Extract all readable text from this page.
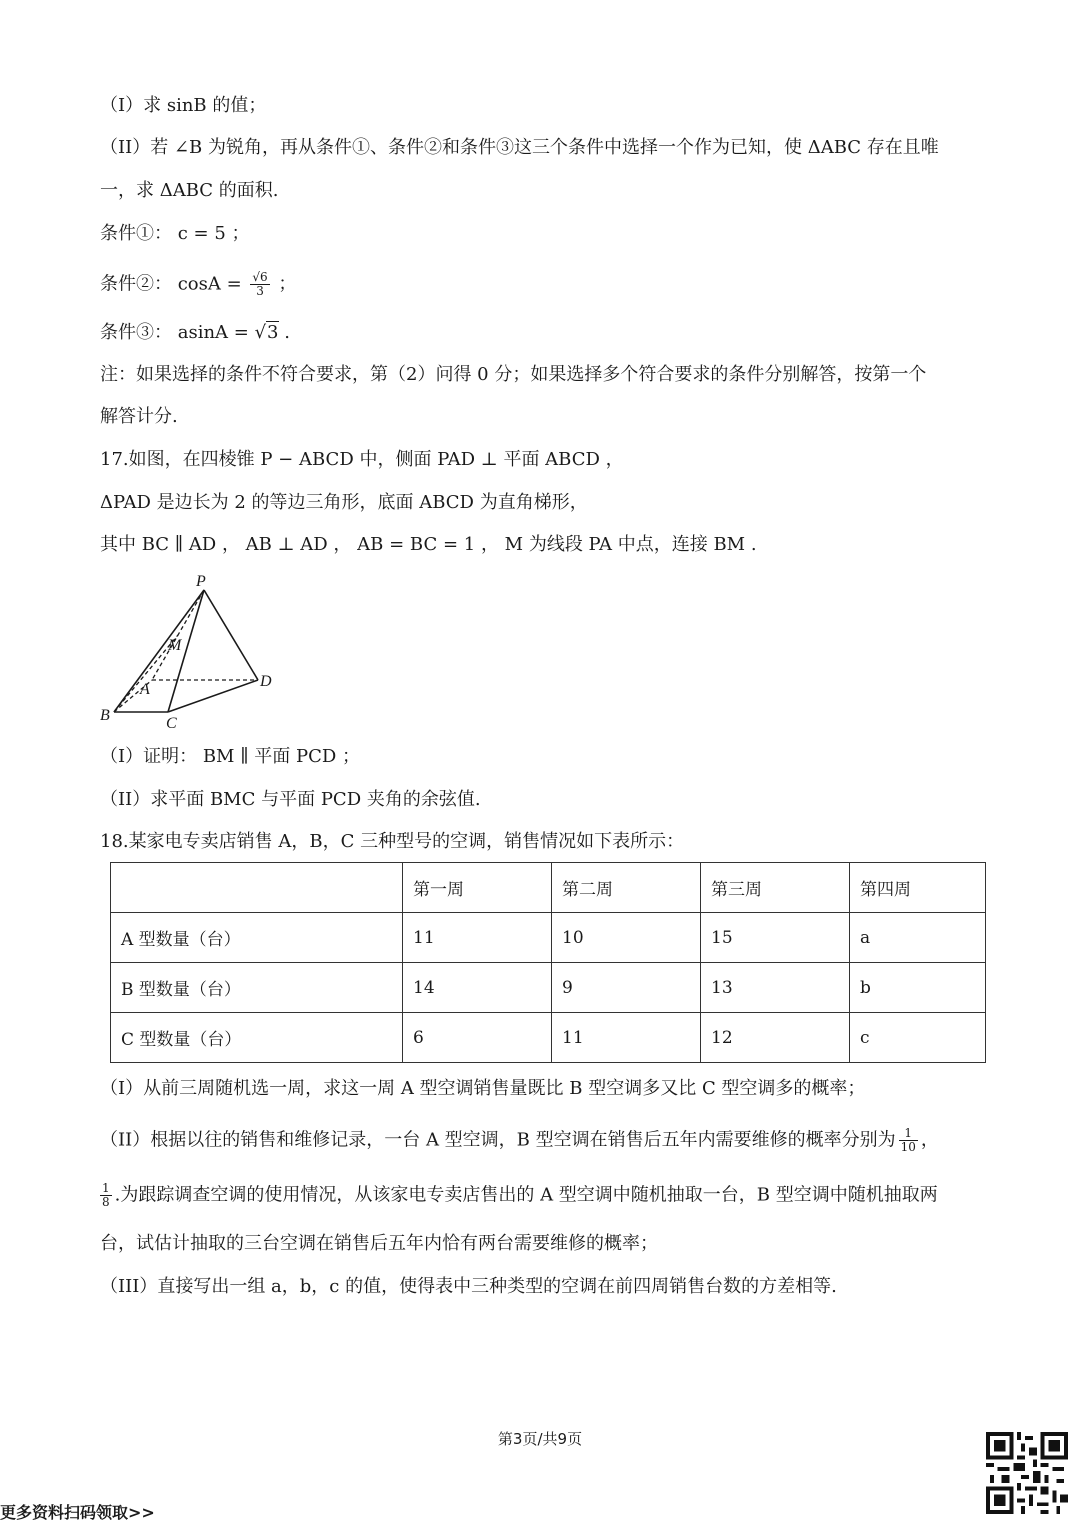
（I）求 sinB 的值；
（II）若 ∠B 为锐角，再从条件①、条件②和条件③这三个条件中选择一个作为已知，使 ΔABC 存在且唯
一，求 ΔABC 的面积.
条件①： c = 5 ；
条件②： $\cos A = \frac{√6}{3}$ ；
条件③： asinA = √3 .
注：如果选择的条件不符合要求，第（2）问得 0 分；如果选择多个符合要求的条件分别解答，按第一个
解答计分.
17.如图，在四棱锥 P − ABCD 中，侧面 PAD ⊥ 平面 ABCD ，
ΔPAD 是边长为 2 的等边三角形，底面 ABCD 为直角梯形，
其中 BC ∥ AD ， AB ⊥ AD ， AB = BC = 1 ， M 为线段 PA 中点，连接 BM .
P
M
A
B	C
D
（I）证明： BM ∥ 平面 PCD ；
（II）求平面 BMC 与平面 PCD 夹角的余弦值.
18.某家电专卖店销售 A，B，C 三种型号的空调，销售情况如下表所示：
	第一周	第二周	第三周	第四周
A 型数量（台）	11	10	15	a
B 型数量（台）	14	9	13	b
C 型数量（台）	6	11	12	c
（I）从前三周随机选一周，求这一周 A 型空调销售量既比 B 型空调多又比 C 型空调多的概率；
（II）根据以往的销售和维修记录，一台 A 型空调，B 型空调在销售后五年内需要维修的概率分别为 $\frac{1}{10}$ ，
$\frac{1}{8}$ .为跟踪调查空调的使用情况，从该家电专卖店售出的 A 型空调中随机抽取一台，B 型空调中随机抽取两
台，试估计抽取的三台空调在销售后五年内恰有两台需要维修的概率；
（III）直接写出一组 a，b，c 的值，使得表中三种类型的空调在前四周销售台数的方差相等.
第3页/共9页
更多资料扫码领取>>
